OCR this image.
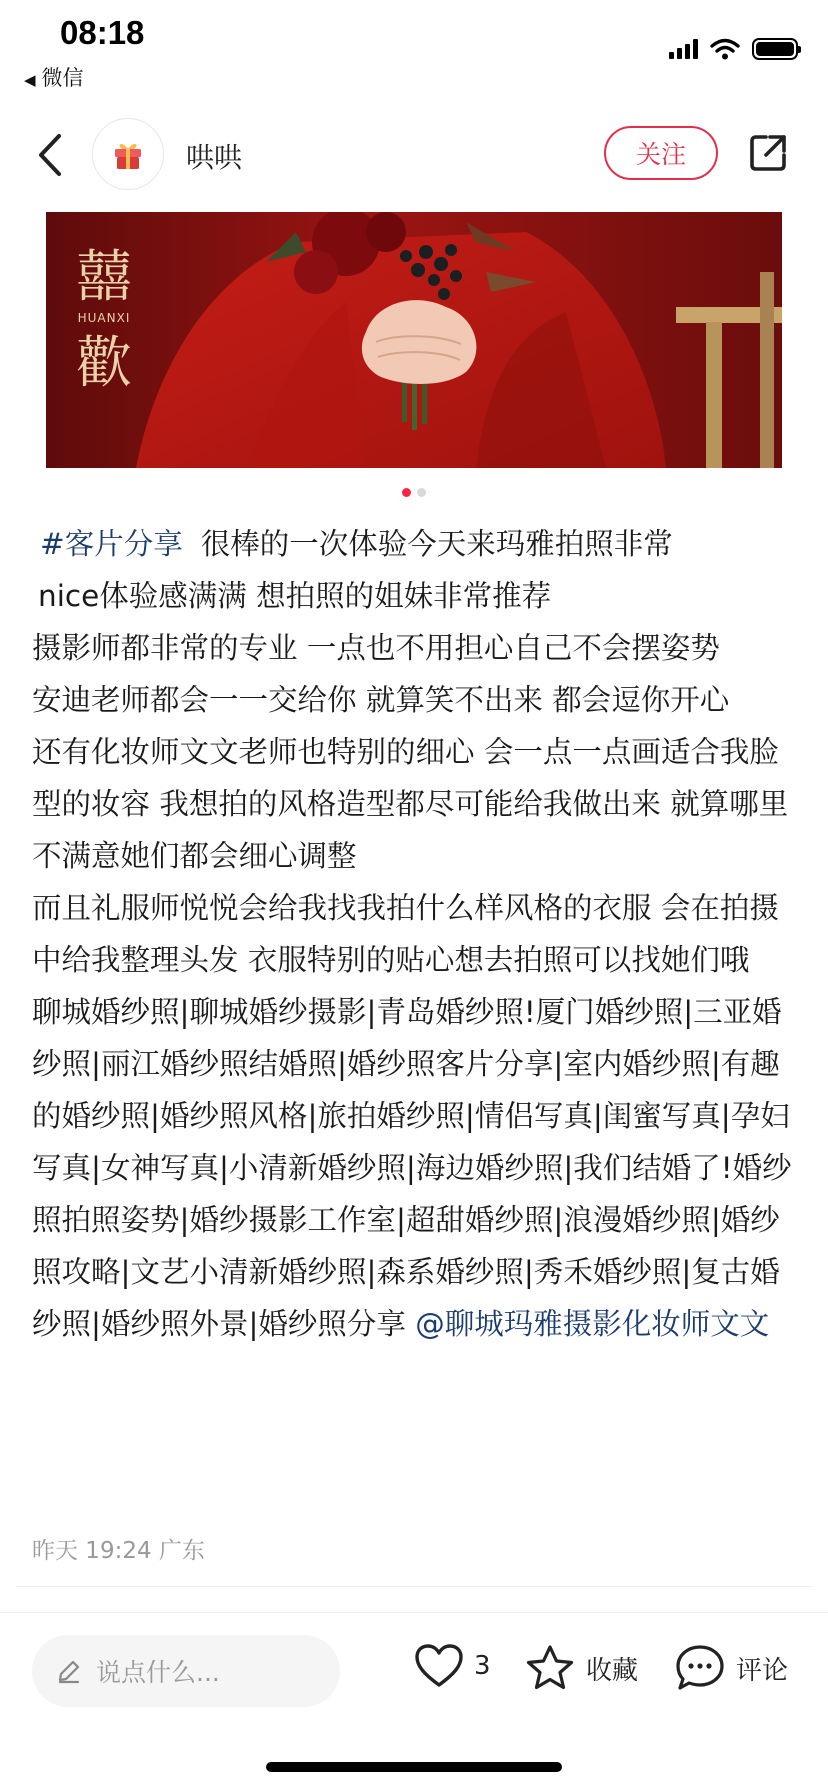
08:18
◀ 微信
哄哄	关注
囍
HUANXI
歡

#客片分享 很棒的一次体验今天来玛雅拍照非常

nice体验感满满 想拍照的姐妹非常推荐

摄影师都非常的专业 一点也不用担心自己不会摆姿势

安迪老师都会一一交给你 就算笑不出来 都会逗你开心

还有化妆师文文老师也特别的细心 会一点一点画适合我脸型的妆容 我想拍的风格造型都尽可能给我做出来 就算哪里不满意她们都会细心调整

而且礼服师悦悦会给我找我拍什么样风格的衣服 会在拍摄中给我整理头发 衣服特别的贴心想去拍照可以找她们哦

聊城婚纱照|聊城婚纱摄影|青岛婚纱照!厦门婚纱照|三亚婚纱照|丽江婚纱照结婚照|婚纱照客片分享|室内婚纱照|有趣的婚纱照|婚纱照风格|旅拍婚纱照|情侣写真|闺蜜写真|孕妇写真|女神写真|小清新婚纱照|海边婚纱照|我们结婚了!婚纱照拍照姿势|婚纱摄影工作室|超甜婚纱照|浪漫婚纱照|婚纱照攻略|文艺小清新婚纱照|森系婚纱照|秀禾婚纱照|复古婚纱照|婚纱照外景|婚纱照分享 @聊城玛雅摄影化妆师文文

昨天 19:24 广东
说点什么...	3	收藏	评论
